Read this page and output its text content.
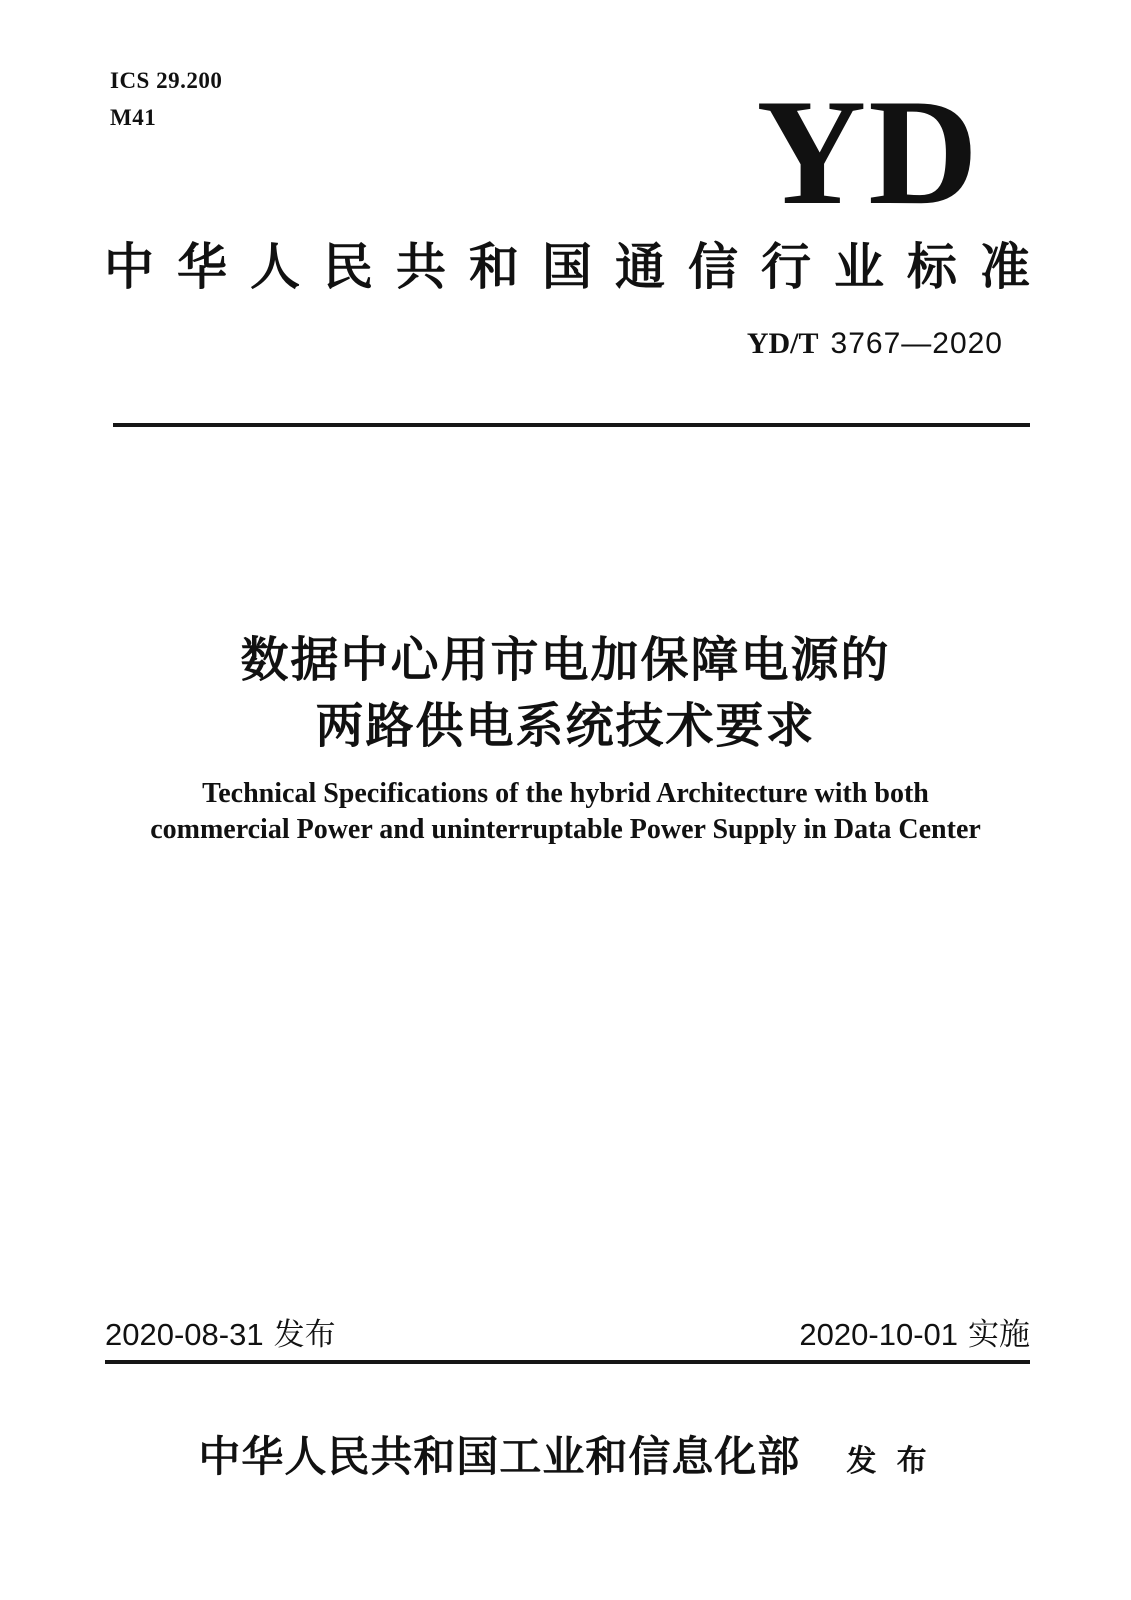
ICS 29.200
M41	YD
中华人民共和国通信行业标准
YD/T 3767—2020
数据中心用市电加保障电源的
两路供电系统技术要求
Technical Specifications of the hybrid Architecture with both
commercial Power and uninterruptable Power Supply in Data Center
2020-08-31 发布	2020-10-01 实施
中华人民共和国工业和信息化部 发 布
